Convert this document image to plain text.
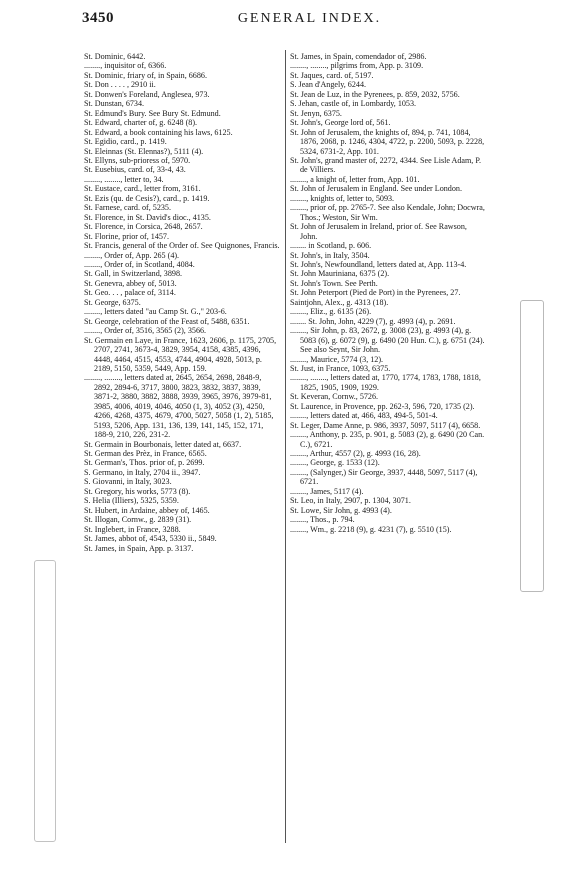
3450	GENERAL INDEX.

St. Dominic, 6442.

........, inquisitor of, 6366.

St. Dominic, friary of, in Spain, 6686.

St. Don . . . . , 2910 ii.

St. Donwen's Foreland, Anglesea, 973.

St. Dunstan, 6734.

St. Edmund's Bury. See Bury St. Edmund.

St. Edward, charter of, g. 6248 (8).

St. Edward, a book containing his laws, 6125.

St. Egidio, card., p. 1419.

St. Eleinnas (St. Elennas?), 5111 (4).

St. Ellyns, sub-prioress of, 5970.

St. Eusebius, card. of, 33-4, 43.

........, ........, letter to, 34.

St. Eustace, card., letter from, 3161.

St. Ezis (qu. de Cesis?), card., p. 1419.

St. Farnese, card. of, 5235.

St. Florence, in St. David's dioc., 4135.

St. Florence, in Corsica, 2648, 2657.

St. Florine, prior of, 1457.

St. Francis, general of the Order of. See Quignones, Francis.

........, Order of, App. 265 (4).

........, Order of, in Scotland, 4084.

St. Gall, in Switzerland, 3898.

St. Genevra, abbey of, 5013.

St. Geo. . . , palace of, 3114.

St. George, 6375.

........, letters dated "au Camp St. G.," 203-6.

St. George, celebration of the Feast of, 5488, 6351.

........, Order of, 3516, 3565 (2), 3566.

St. Germain en Laye, in France, 1623, 2606, p. 1175, 2705, 2707, 2741, 3673-4, 3829, 3954, 4158, 4385, 4396, 4448, 4464, 4515, 4553, 4744, 4904, 4928, 5013, p. 2189, 5150, 5359, 5449, App. 159.

........, ........, letters dated at, 2645, 2654, 2698, 2848-9, 2892, 2894-6, 3717, 3800, 3823, 3832, 3837, 3839, 3871-2, 3880, 3882, 3888, 3939, 3965, 3976, 3979-81, 3985, 4006, 4019, 4046, 4050 (1, 3), 4052 (3), 4250, 4266, 4268, 4375, 4679, 4700, 5027, 5058 (1, 2), 5185, 5193, 5206, App. 131, 136, 139, 141, 145, 152, 171, 188-9, 210, 226, 231-2.

St. Germain in Bourbonais, letter dated at, 6637.

St. German des Prèz, in France, 6565.

St. German's, Thos. prior of, p. 2699.

S. Germano, in Italy, 2704 ii., 3947.

S. Giovanni, in Italy, 3023.

St. Gregory, his works, 5773 (8).

S. Helia (Illiers), 5325, 5359.

St. Hubert, in Ardaine, abbey of, 1465.

St. Illogan, Cornw., g. 2839 (31).

St. Inglebert, in France, 3288.

St. James, abbot of, 4543, 5330 ii., 5849.

St. James, in Spain, App. p. 3137.

St. James, in Spain, comendador of, 2986.

........, ........, pilgrims from, App. p. 3109.

St. Jaques, card. of, 5197.

S. Jean d'Angely, 6244.

St. Jean de Luz, in the Pyrenees, p. 859, 2032, 5756.

S. Jehan, castle of, in Lombardy, 1053.

St. Jenyn, 6375.

St. John's, George lord of, 561.

St. John of Jerusalem, the knights of, 894, p. 741, 1084, 1876, 2068, p. 1246, 4304, 4722, p. 2200, 5093, p. 2228, 5324, 6731-2, App. 101.

St. John's, grand master of, 2272, 4344. See Lisle Adam, P. de Villiers.

........, a knight of, letter from, App. 101.

St. John of Jerusalem in England. See under London.

........, knights of, letter to, 5093.

........, prior of, pp. 2765-7. See also Kendale, John; Docwra, Thos.; Weston, Sir Wm.

St. John of Jerusalem in Ireland, prior of. See Rawson, John.

........ in Scotland, p. 606.

St. John's, in Italy, 3504.

St. John's, Newfoundland, letters dated at, App. 113-4.

St. John Mauriniana, 6375 (2).

St. John's Town. See Perth.

St. John Peterport (Pied de Port) in the Pyrenees, 27.

Saintjohn, Alex., g. 4313 (18).

........, Eliz., g. 6135 (26).

........ St. John, John, 4229 (7), g. 4993 (4), p. 2691.

........, Sir John, p. 83, 2672, g. 3008 (23), g. 4993 (4), g. 5083 (6), g. 6072 (9), g. 6490 (20 Hun. C.), g. 6751 (24). See also Seynt, Sir John.

........, Maurice, 5774 (3, 12).

St. Just, in France, 1093, 6375.

........, ........, letters dated at, 1770, 1774, 1783, 1788, 1818, 1825, 1905, 1909, 1929.

St. Keveran, Cornw., 5726.

St. Laurence, in Provence, pp. 262-3, 596, 720, 1735 (2).

........, letters dated at, 466, 483, 494-5, 501-4.

St. Leger, Dame Anne, p. 986, 3937, 5097, 5117 (4), 6658.

........, Anthony, p. 235, p. 901, g. 5083 (2), g. 6490 (20 Can. C.), 6721.

........, Arthur, 4557 (2), g. 4993 (16, 28).

........, George, g. 1533 (12).

........, (Salynger,) Sir George, 3937, 4448, 5097, 5117 (4), 6721.

........, James, 5117 (4).

St. Leo, in Italy, 2907, p. 1304, 3071.

St. Lowe, Sir John, g. 4993 (4).

........, Thos., p. 794.

........, Wm., g. 2218 (9), g. 4231 (7), g. 5510 (15).
